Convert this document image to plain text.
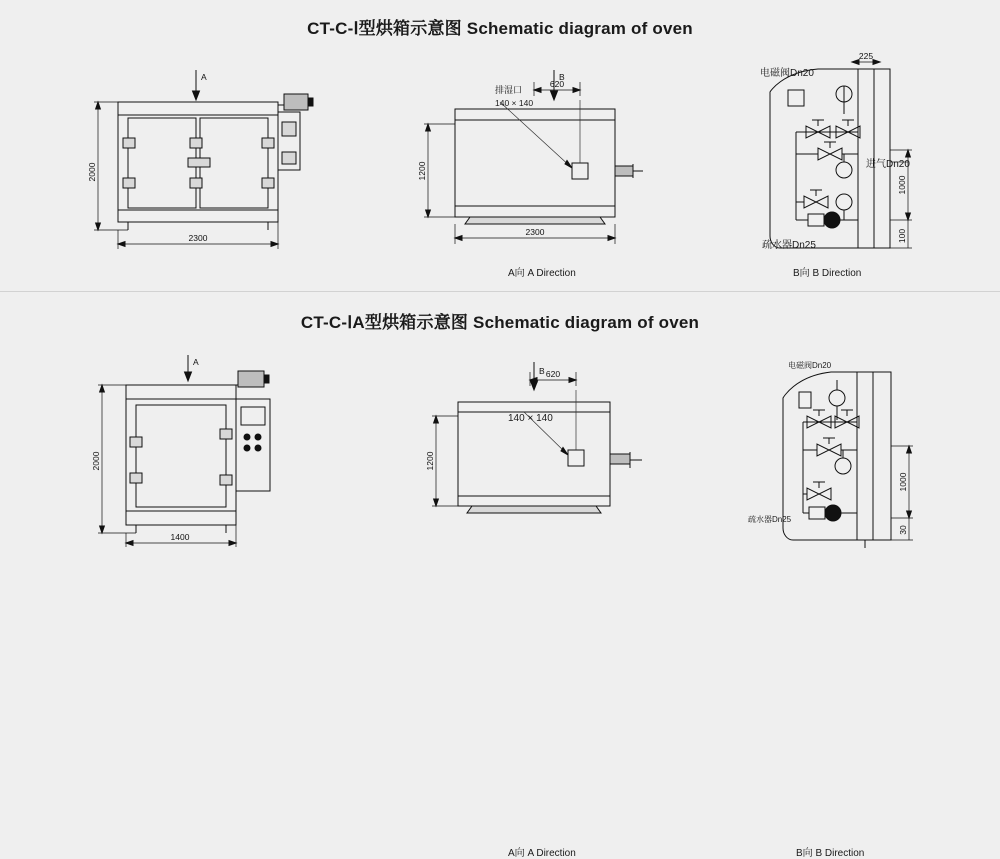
CT-C-Ⅰ型烘箱示意图 Schematic diagram of oven
A
2000
2300
B
620
1200
2300
排湿口
140 × 140
A向 A Direction
225
1000
100
电磁阀Dn20
进气Dn20
疏水器Dn25
B向 B Direction
CT-C-ⅠA型烘箱示意图 Schematic diagram of oven
A
2000
1400
B 620
1200
140 × 140
A向 A Direction
1000
30
电磁阀Dn20
疏水器Dn25
B向 B Direction
